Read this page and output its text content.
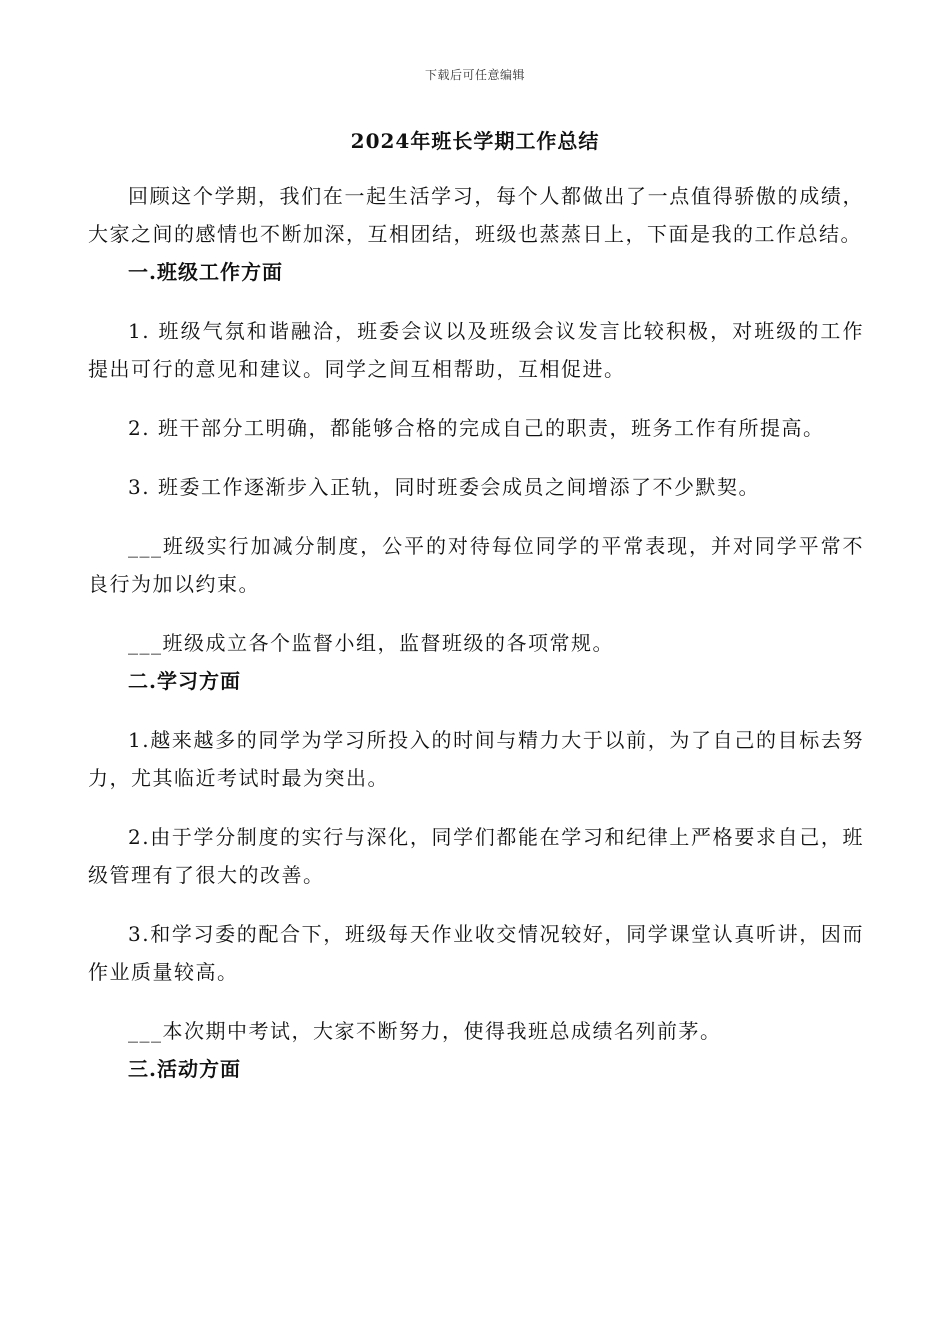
下载后可任意编辑
2024年班长学期工作总结

回顾这个学期，我们在一起生活学习，每个人都做出了一点值得骄傲的成绩，大家之间的感情也不断加深，互相团结，班级也蒸蒸日上，下面是我的工作总结。

一.班级工作方面

1. 班级气氛和谐融洽，班委会议以及班级会议发言比较积极，对班级的工作提出可行的意见和建议。同学之间互相帮助，互相促进。

2. 班干部分工明确，都能够合格的完成自己的职责，班务工作有所提高。

3. 班委工作逐渐步入正轨，同时班委会成员之间增添了不少默契。

___班级实行加减分制度，公平的对待每位同学的平常表现，并对同学平常不良行为加以约束。

___班级成立各个监督小组，监督班级的各项常规。

二.学习方面

1.越来越多的同学为学习所投入的时间与精力大于以前，为了自己的目标去努力，尤其临近考试时最为突出。

2.由于学分制度的实行与深化，同学们都能在学习和纪律上严格要求自己，班级管理有了很大的改善。

3.和学习委的配合下，班级每天作业收交情况较好，同学课堂认真听讲，因而作业质量较高。

___本次期中考试，大家不断努力，使得我班总成绩名列前茅。

三.活动方面
